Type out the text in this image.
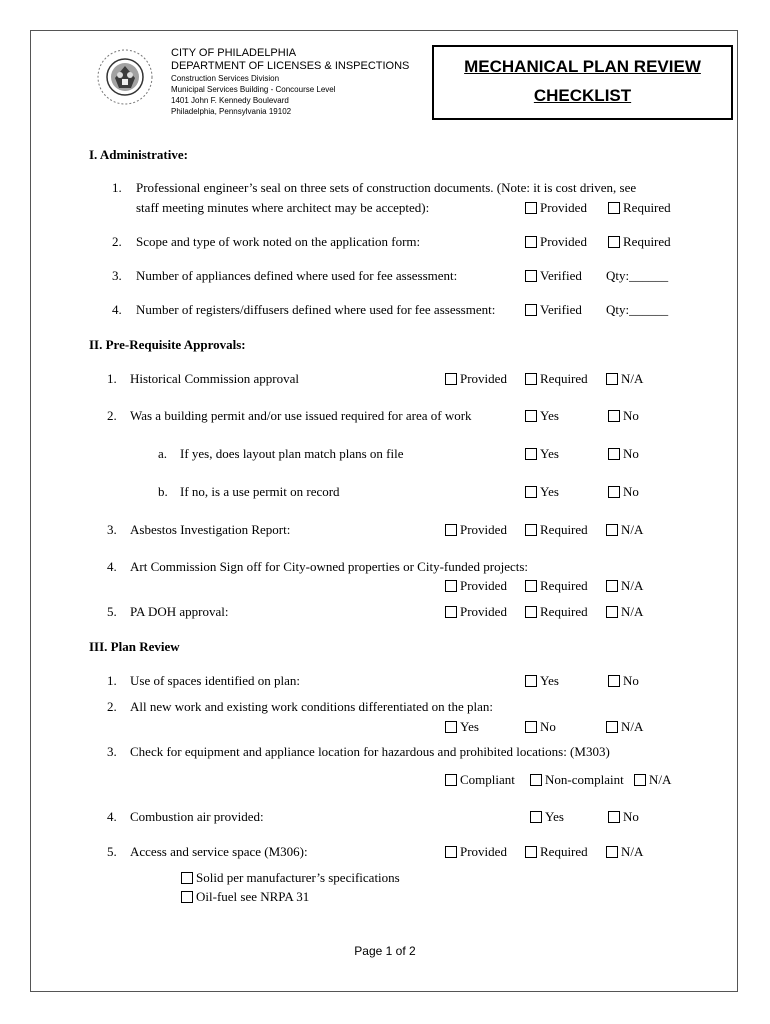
CITY OF PHILADELPHIA
DEPARTMENT OF LICENSES & INSPECTIONS
Construction Services Division
Municipal Services Building - Concourse Level
1401 John F. Kennedy Boulevard
Philadelphia, Pennsylvania 19102
MECHANICAL PLAN REVIEW
CHECKLIST
I. Administrative:
1. Professional engineer’s seal on three sets of construction documents. (Note: it is cost driven, see
staff meeting minutes where architect may be accepted):	Provided	Required
2. Scope and type of work noted on the application form:	Provided	Required
3. Number of appliances defined where used for fee assessment:	Verified Qty:______
4. Number of registers/diffusers defined where used for fee assessment:	Verified Qty:______
II. Pre-Requisite Approvals:
1. Historical Commission approval	Provided	Required	N/A
2. Was a building permit and/or use issued required for area of work	Yes	No
a. If yes, does layout plan match plans on file	Yes	No
b. If no, is a use permit on record	Yes	No
3. Asbestos Investigation Report:	Provided	Required	N/A
4. Art Commission Sign off for City-owned properties or City-funded projects:
Provided	Required	N/A
5. PA DOH approval:	Provided	Required	N/A
III. Plan Review
1. Use of spaces identified on plan:	Yes	No
2. All new work and existing work conditions differentiated on the plan:
Yes	No	N/A
3. Check for equipment and appliance location for hazardous and prohibited locations: (M303)
Compliant	Non-complaint	N/A
4. Combustion air provided:	Yes	No
5. Access and service space (M306):	Provided	Required	N/A
Solid per manufacturer’s specifications
Oil-fuel see NRPA 31
Page 1 of 2
